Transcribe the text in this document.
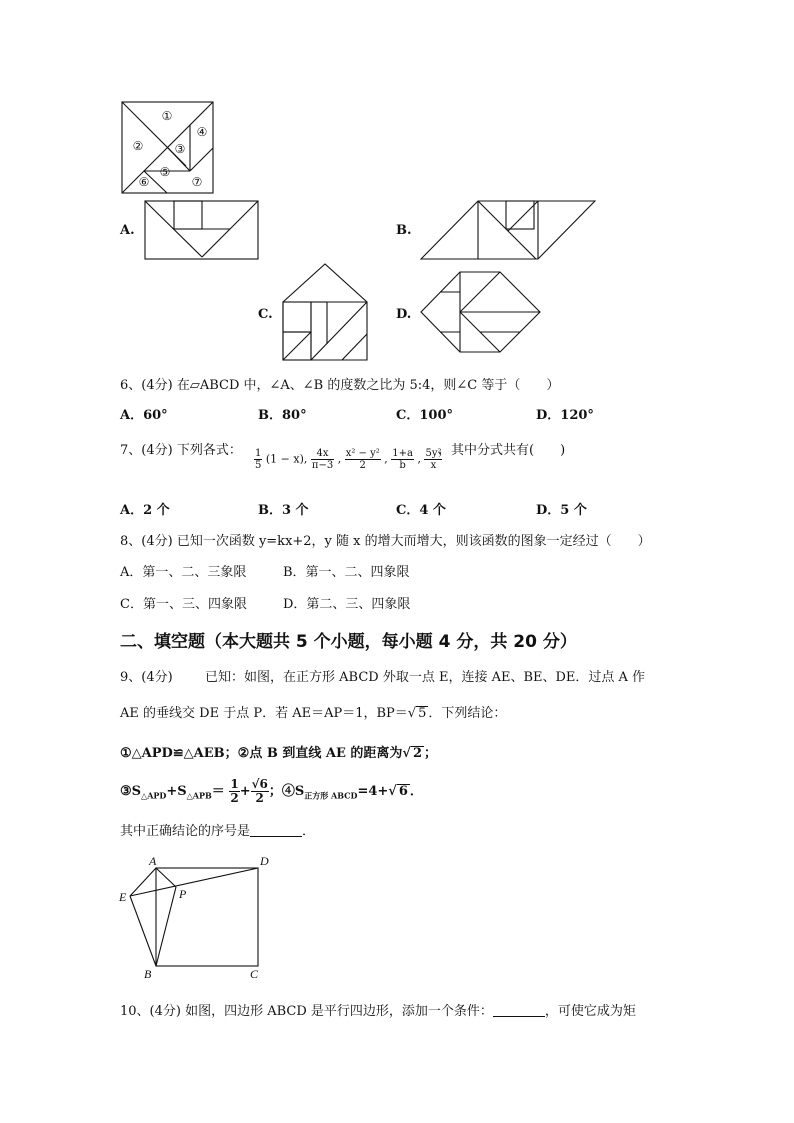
①
②	③
④
⑤
⑥	⑦
A.	B.
C.	D.
6、(4分) 在▱ABCD 中，∠A、∠B 的度数之比为 5:4，则∠C 等于（　　）
A．60°	B．80°	C．100°	D．120°
7、(4分) 下列各式： $\frac{1}{5} (1 - x)$, $\frac{4x}{\pi-3}$ , $\frac{\text{x² − y²}}{2}$ , $\frac{1+a}{b}$ , $\frac{\text{5y²}}{x}$
，其中分式共有(　　)
A．2 个	B．3 个	C．4 个	D．5 个
8、(4分) 已知一次函数 y=kx+2，y 随 x 的增大而增大，则该函数的图象一定经过（　　）
A．第一、二、三象限	B．第一、二、四象限
C．第一、三、四象限	D．第二、三、四象限
二、填空题（本大题共 5 个小题，每小题 4 分，共 20 分）
9、(4分) 已知：如图，在正方形 ABCD 外取一点 E，连接 AE、BE、DE．过点 A 作
AE 的垂线交 DE 于点 P．若 AE＝AP＝1，BP＝√ 5 ．下列结论：
①△APD≌△AEB；②点 B 到直线 AE 的距离为√ 2 ；
$③S_{\triangle APD}+S_{\triangle APB}= \frac{1}{2} + \frac{√6}{2}$ ；$④S_{正方形 ABCD}=4+√$ 6 ．
其中正确结论的序号是	．
A	D
E	P
B	C
10、(4分) 如图，四边形 ABCD 是平行四边形，添加一个条件：	，可使它成为矩
